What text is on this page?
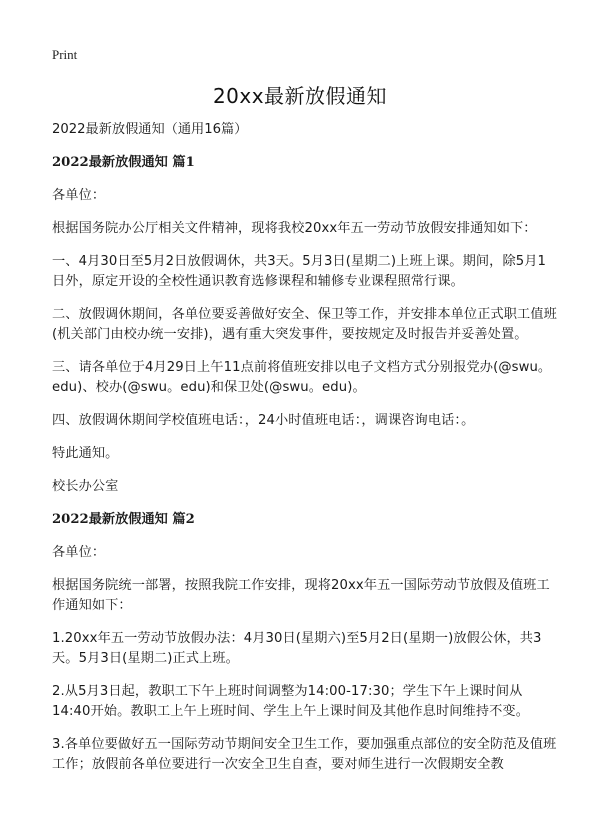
Print
20xx最新放假通知

2022最新放假通知（通用16篇）

2022最新放假通知 篇1

各单位：

根据国务院办公厅相关文件精神，现将我校20xx年五一劳动节放假安排通知如下：

一、4月30日至5月2日放假调休，共3天。5月3日(星期二)上班上课。期间，除5月1日外，原定开设的全校性通识教育选修课程和辅修专业课程照常行课。

二、放假调休期间，各单位要妥善做好安全、保卫等工作，并安排本单位正式职工值班(机关部门由校办统一安排)，遇有重大突发事件，要按规定及时报告并妥善处置。

三、请各单位于4月29日上午11点前将值班安排以电子文档方式分别报党办(@swu。edu)、校办(@swu。edu)和保卫处(@swu。edu)。

四、放假调休期间学校值班电话：，24小时值班电话：，调课咨询电话：。

特此通知。

校长办公室

2022最新放假通知 篇2

各单位：

根据国务院统一部署，按照我院工作安排，现将20xx年五一国际劳动节放假及值班工作通知如下：

1.20xx年五一劳动节放假办法：4月30日(星期六)至5月2日(星期一)放假公休，共3天。5月3日(星期二)正式上班。

2.从5月3日起，教职工下午上班时间调整为14:00-17:30；学生下午上课时间从14:40开始。教职工上午上班时间、学生上午上课时间及其他作息时间维持不变。

3.各单位要做好五一国际劳动节期间安全卫生工作，要加强重点部位的安全防范及值班工作；放假前各单位要进行一次安全卫生自查，要对师生进行一次假期安全教
